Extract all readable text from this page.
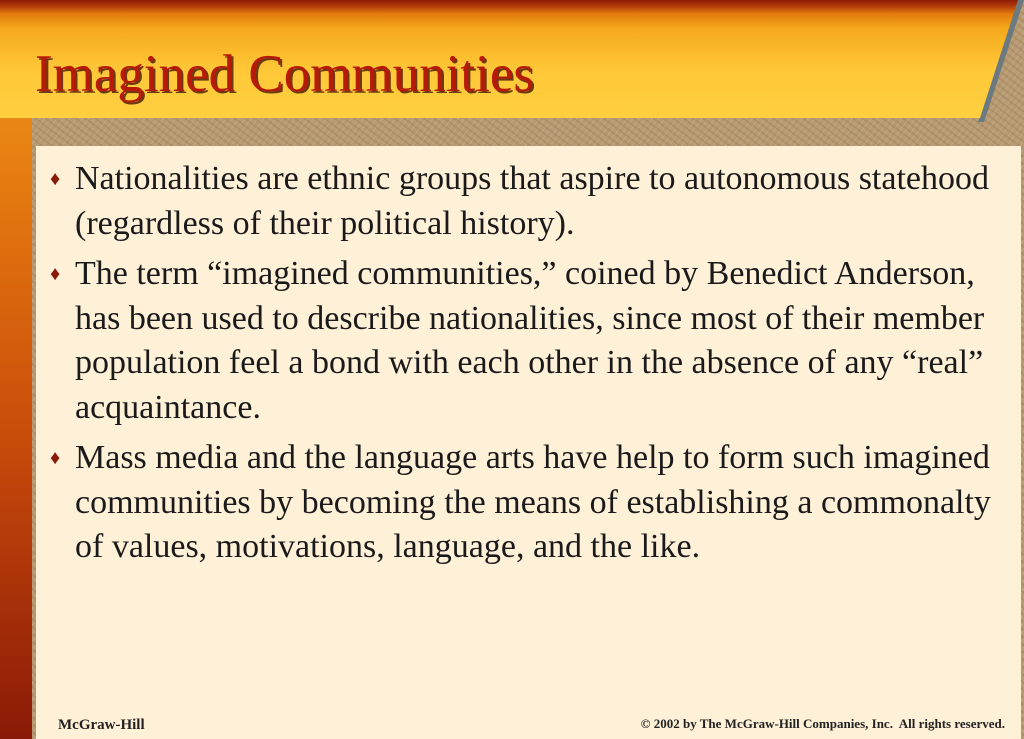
Imagined Communities
♦ Nationalities are ethnic groups that aspire to autonomous statehood (regardless of their political history).
♦ The term “imagined communities,” coined by Benedict Anderson, has been used to describe nationalities, since most of their member population feel a bond with each other in the absence of any “real” acquaintance.
♦ Mass media and the language arts have help to form such imagined communities by becoming the means of establishing a commonalty of values, motivations, language, and the like.
McGraw-Hill	© 2002 by The McGraw-Hill Companies, Inc.  All rights reserved.
